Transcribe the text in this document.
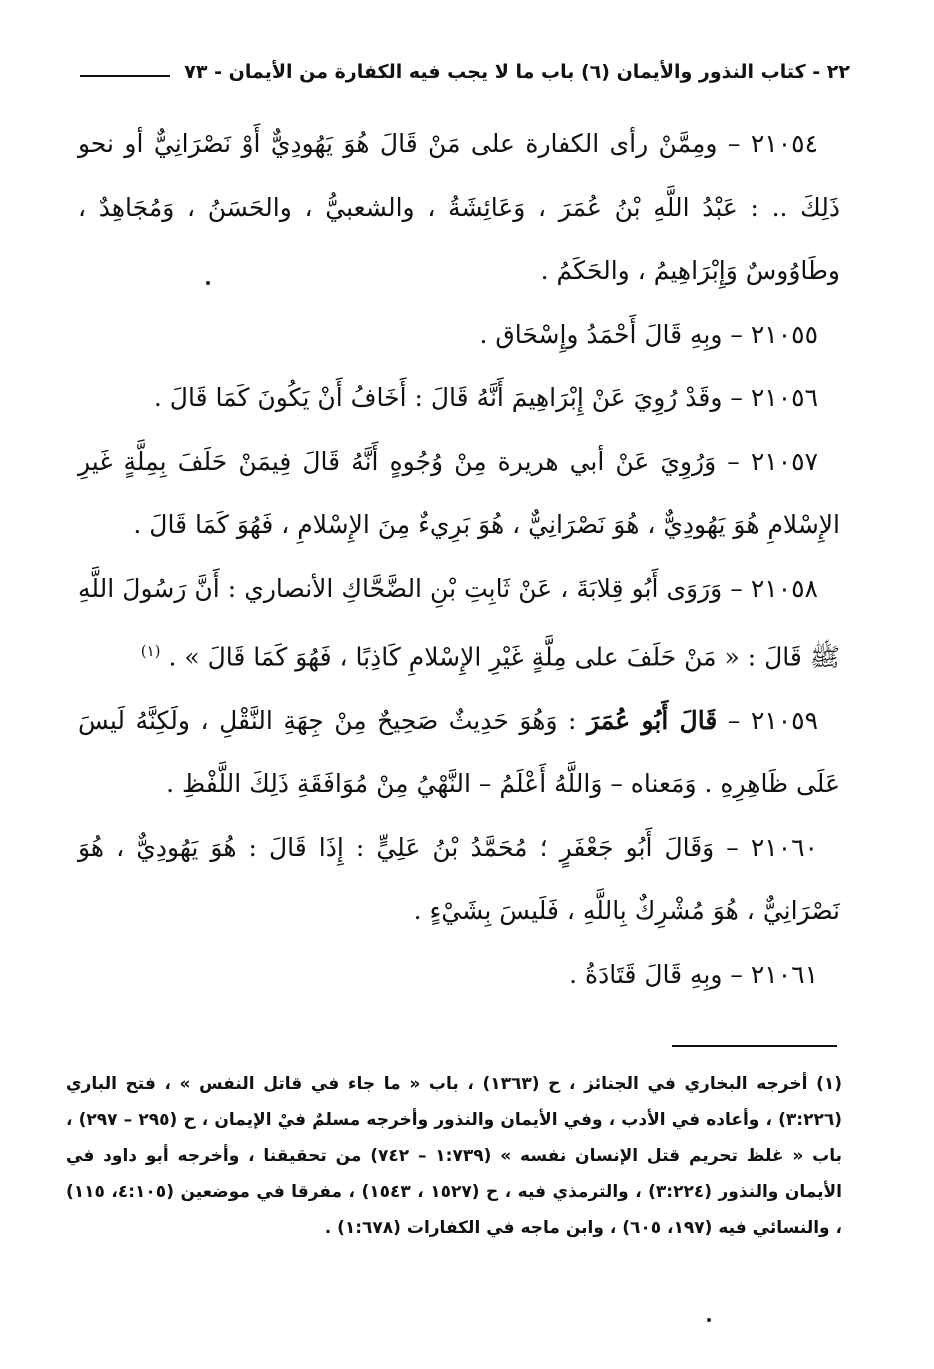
٢٢ - كتاب النذور والأيمان (٦) باب ما لا يجب فيه الكفارة من الأيمان - ٧٣

٢١٠٥٤ – ومِمَّنْ رأى الكفارة على مَنْ قَالَ هُوَ يَهُودِيٌّ أَوْ نَصْرَانِيٌّ أو نحو ذَلِكَ .. : عَبْدُ اللَّهِ بْنُ عُمَرَ ، وَعَائِشَةُ ، والشعبيُّ ، والحَسَنُ ، وَمُجَاهِدٌ ، وطَاوُوسٌ وَإِبْرَاهِيمُ ، والحَكَمُ .

٢١٠٥٥ – وبِهِ قَالَ أَحْمَدُ وإِسْحَاق .

٢١٠٥٦ – وقَدْ رُوِيَ عَنْ إِبْرَاهِيمَ أَنَّهُ قَالَ : أَخَافُ أَنْ يَكُونَ كَمَا قَالَ .

٢١٠٥٧ – وَرُوِيَ عَنْ أبي هريرة مِنْ وُجُوهٍ أَنَّهُ قَالَ فِيمَنْ حَلَفَ بِمِلَّةٍ غَيرِ الإِسْلامِ هُوَ يَهُودِيٌّ ، هُوَ نَصْرَانِيٌّ ، هُوَ بَرِيءٌ مِنَ الإِسْلامِ ، فَهُوَ كَمَا قَالَ .

٢١٠٥٨ – وَرَوَى أَبُو قِلابَةَ ، عَنْ ثَابِتِ بْنِ الضَّحَّاكِ الأنصاري : أَنَّ رَسُولَ اللَّهِ ﷺ قَالَ : « مَنْ حَلَفَ على مِلَّةٍ غَيْرِ الإِسْلامِ كَاذِبًا ، فَهُوَ كَمَا قَالَ » . $^{(١)}$

٢١٠٥٩ – قَالَ أَبُو عُمَرَ : وَهُوَ حَدِيثٌ صَحِيحٌ مِنْ جِهَةِ النَّقْلِ ، ولَكِنَّهُ لَيسَ عَلَى ظَاهِرِهِ . وَمَعناه – وَاللَّهُ أَعْلَمُ – النَّهْيُ مِنْ مُوَافَقَةِ ذَلِكَ اللَّفْظِ .

٢١٠٦٠ – وَقَالَ أَبُو جَعْفَرٍ ؛ مُحَمَّدُ بْنُ عَلِيٍّ : إِذَا قَالَ : هُوَ يَهُودِيٌّ ، هُوَ نَصْرَانِيٌّ ، هُوَ مُشْرِكٌ بِاللَّهِ ، فَلَيسَ بِشَيْءٍ .

٢١٠٦١ – وبِهِ قَالَ قَتَادَةُ .

(١) أخرجه البخاري في الجنائز ، ح (١٣٦٣) ، باب « ما جاء في قاتل النفس » ، فتح الباري (٣:٢٢٦) ، وأعاده في الأدب ، وفي الأيمان والنذور وأخرجه مسلمٌ فيْ الإيمان ، ح (٢٩٥ – ٢٩٧) ، باب « غلظ تحريم قتل الإنسان نفسه » (١:٧٣٩ – ٧٤٢) من تحقيقنا ، وأخرجه أبو داود في الأيمان والنذور (٣:٢٢٤) ، والترمذي فيه ، ح (١٥٢٧ ، ١٥٤٣) ، مفرقا في موضعين (٤:١٠٥، ١١٥) ، والنسائي فيه (١٩٧، ٦٠٥) ، وابن ماجه في الكفارات (١:٦٧٨) .
